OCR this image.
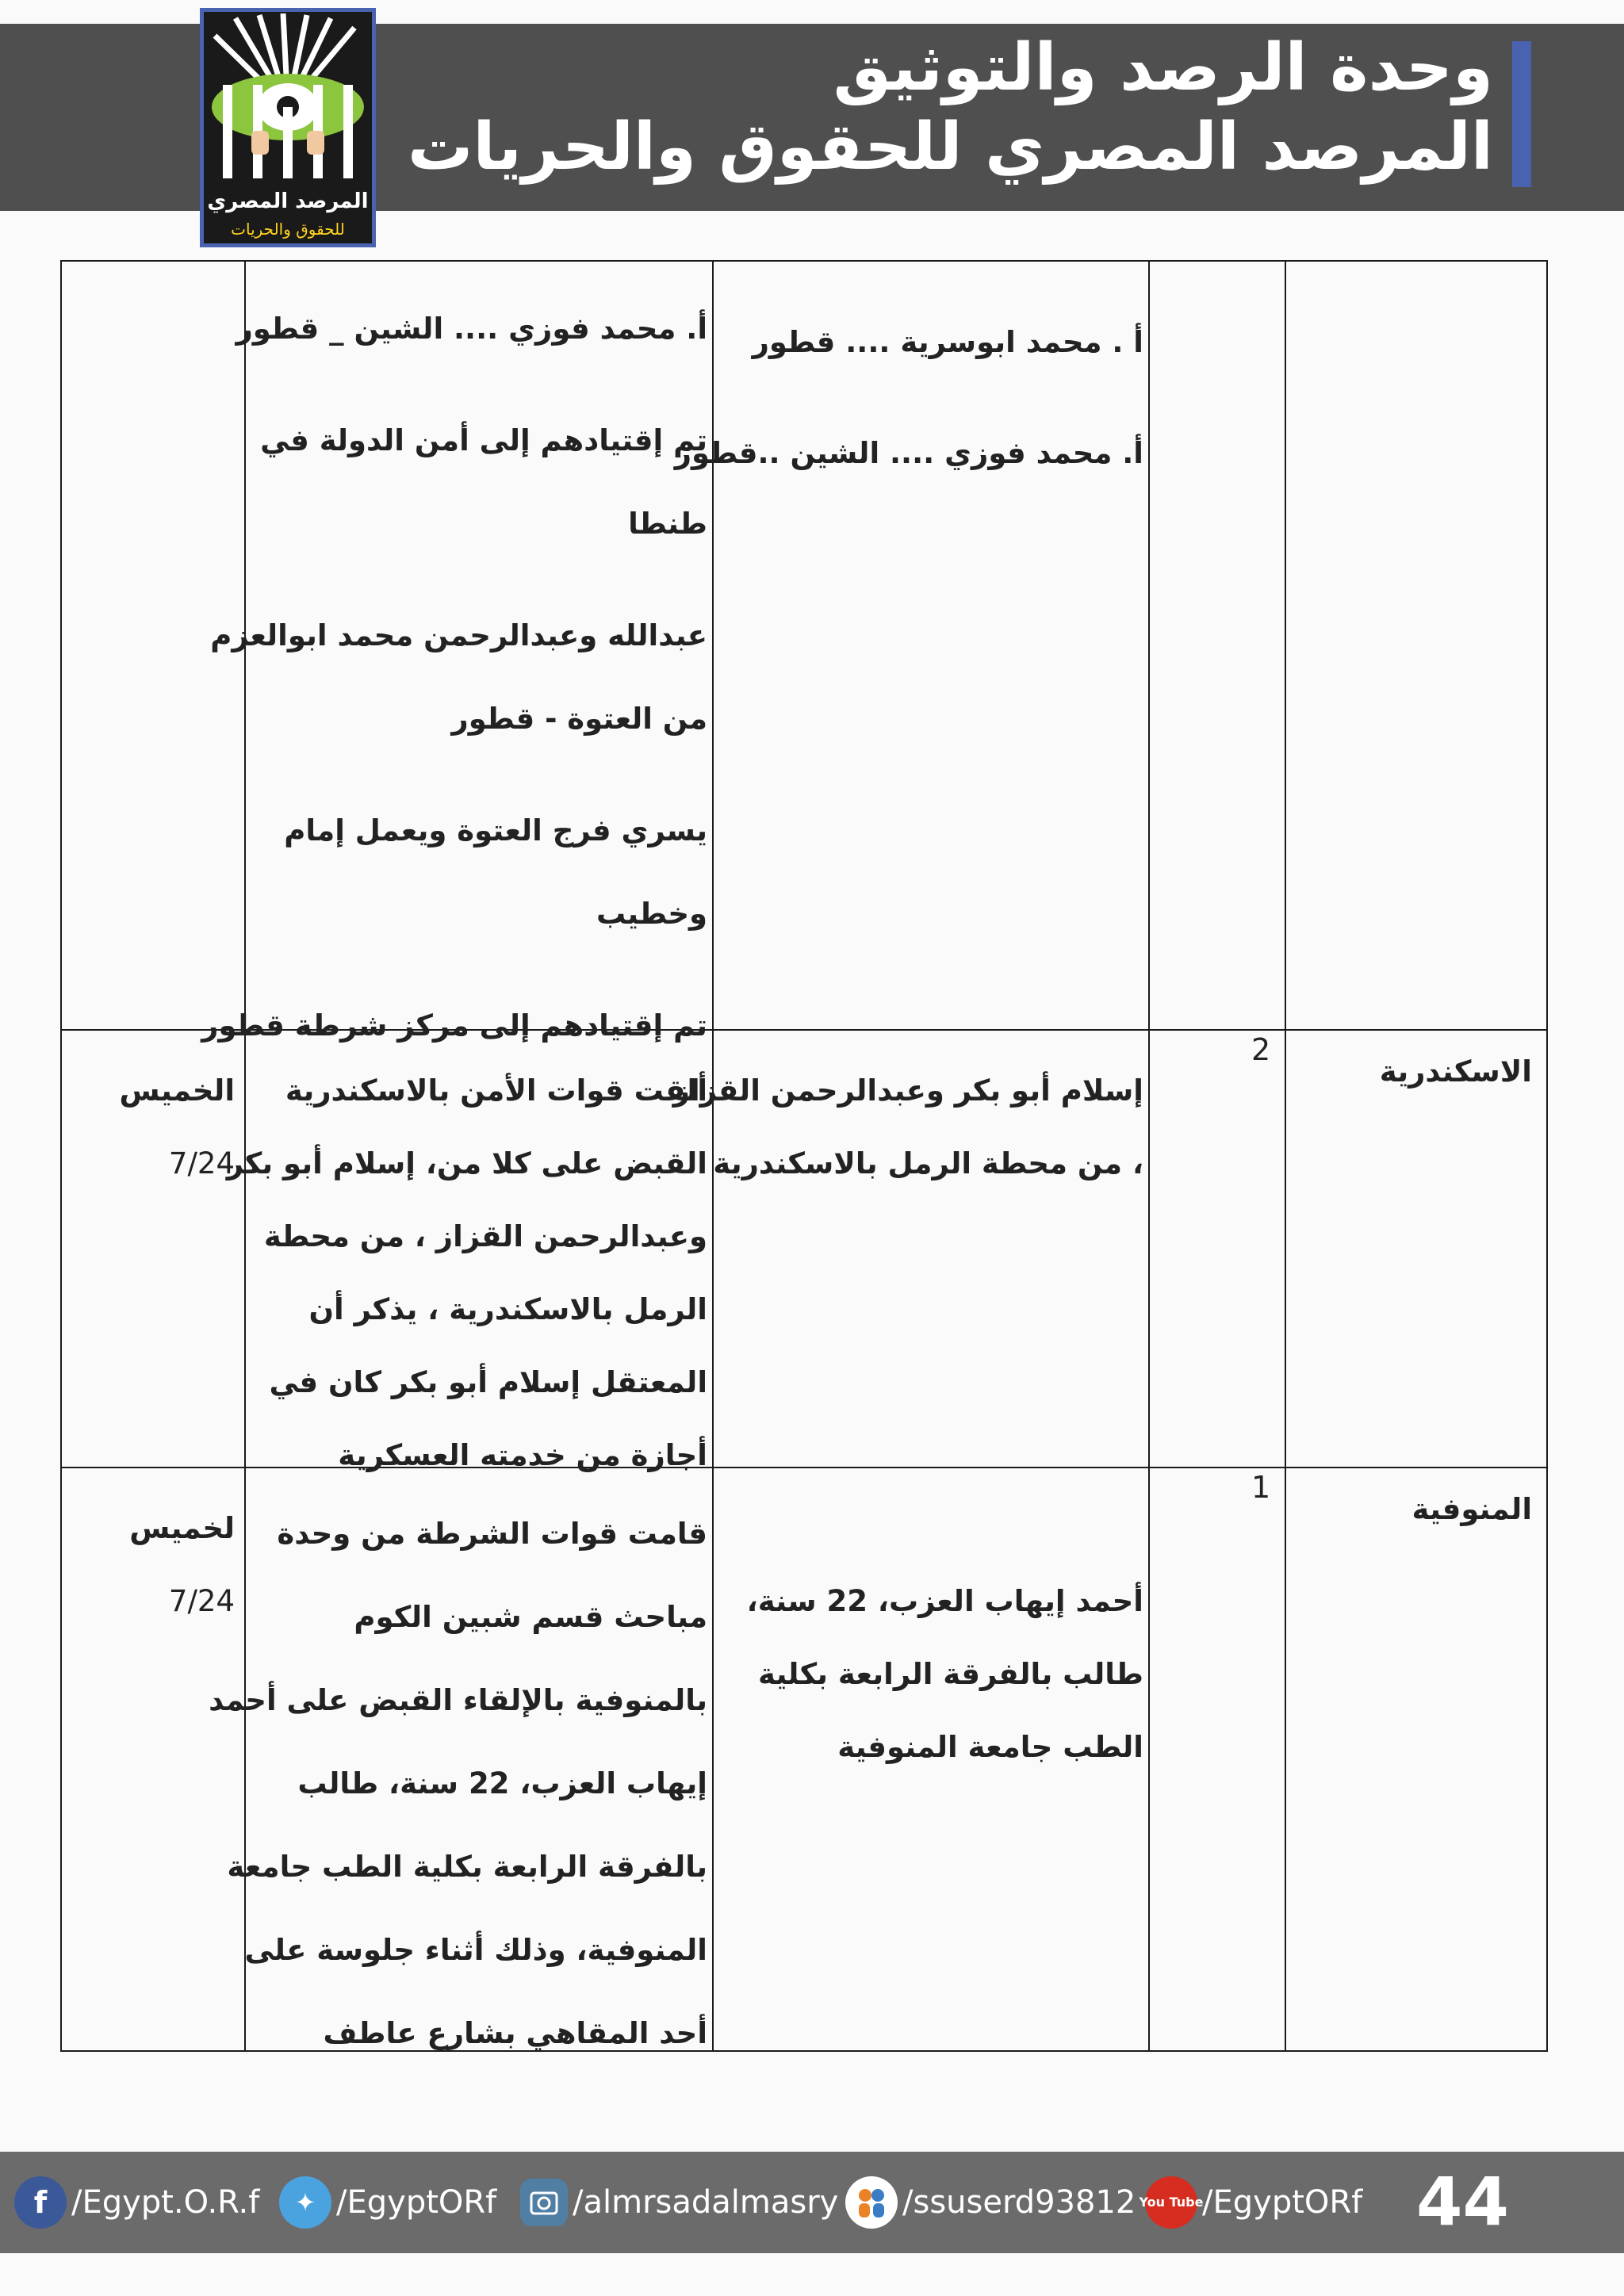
وحدة الرصد والتوثيق
المرصد المصري للحقوق والحريات
المرصد المصري
للحقوق والحريات
أ . محمد ابوسرية .... قطور
أ. محمد فوزي .... الشين ..قطور
أ. محمد فوزي .... الشين _ قطور
تم إقتيادهم إلى أمن الدولة في
طنطا
عبدالله وعبدالرحمن محمد ابوالعزم
من العتوة - قطور
يسري فرج العتوة ويعمل إمام
وخطيب
تم إقتيادهم إلى مركز شرطة قطور
الاسكندرية
2
إسلام أبو بكر وعبدالرحمن القزاز
، من محطة الرمل بالاسكندرية
ألقت قوات الأمن بالاسكندرية
القبض على كلا من، إسلام أبو بكر
وعبدالرحمن القزاز ، من محطة
الرمل بالاسكندرية ، يذكر أن
المعتقل إسلام أبو بكر كان في
أجازة من خدمته العسكرية
الخميس
7/24
المنوفية
1
أحمد إيهاب العزب، 22 سنة،
طالب بالفرقة الرابعة بكلية
الطب جامعة المنوفية
قامت قوات الشرطة من وحدة
مباحث قسم شبين الكوم
بالمنوفية بالإلقاء القبض على أحمد
إيهاب العزب، 22 سنة، طالب
بالفرقة الرابعة بكلية الطب جامعة
المنوفية، وذلك أثناء جلوسة على
أحد المقاهي بشارع عاطف
لخميس
7/24
f /Egypt.O.R.f	✦ /EgyptORf /almrsadalmasry /ssuserd93812 You Tube
/EgyptORf 44
